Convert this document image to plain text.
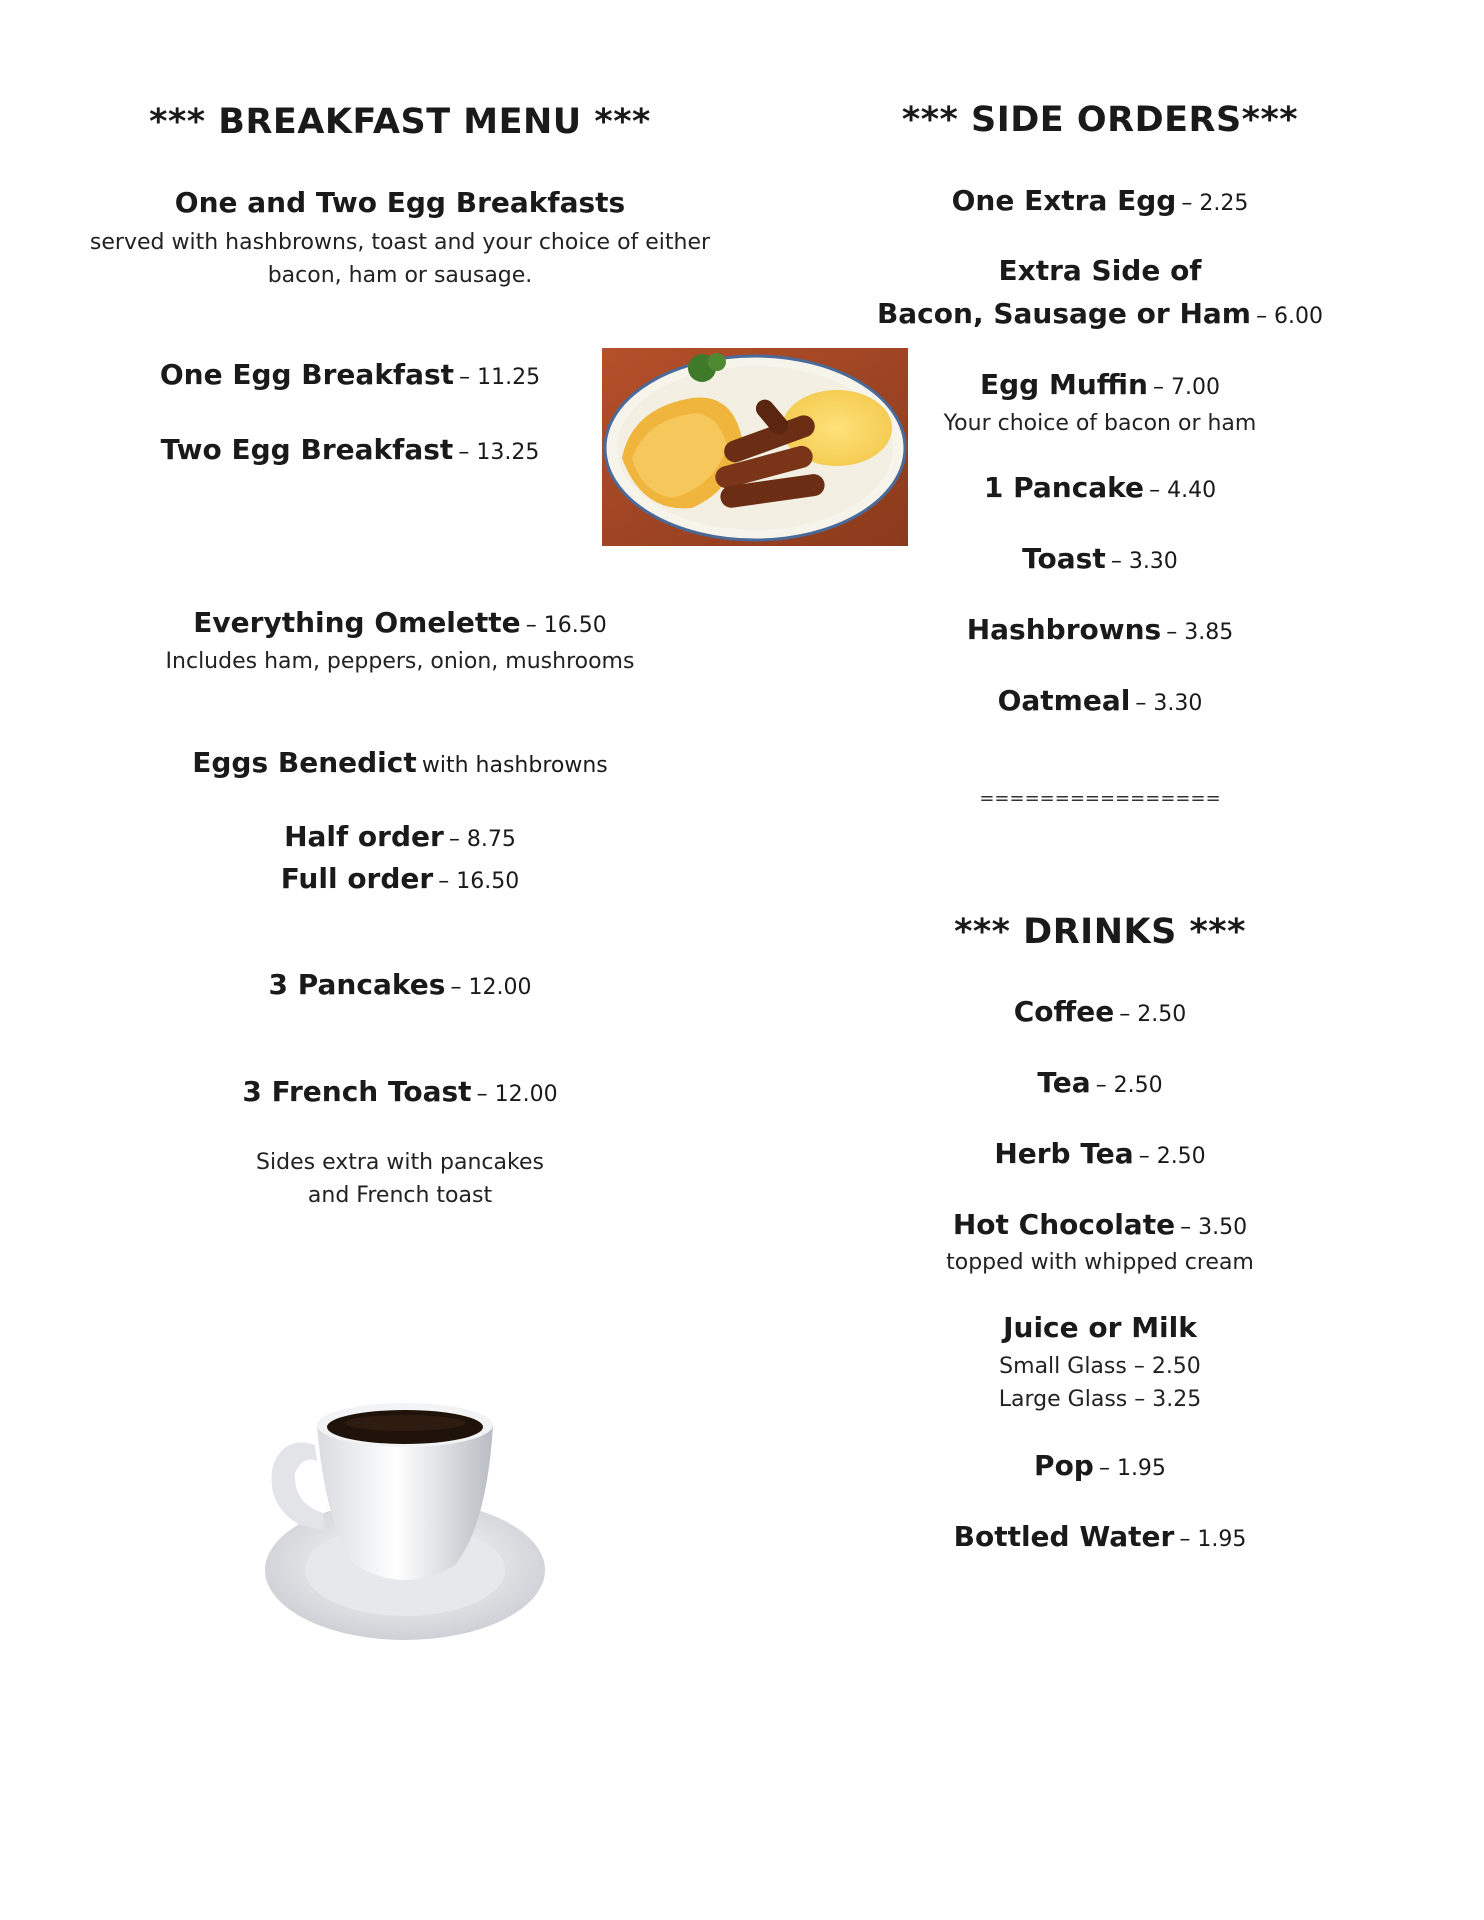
*** BREAKFAST MENU ***
One and Two Egg Breakfasts
served with hashbrowns, toast and your choice of either
bacon, ham or sausage.
One Egg Breakfast – 11.25
Two Egg Breakfast – 13.25
Everything Omelette – 16.50
Includes ham, peppers, onion, mushrooms
Eggs Benedict with hashbrowns
Half order – 8.75
Full order – 16.50
3 Pancakes – 12.00
3 French Toast – 12.00
Sides extra with pancakes
and French toast
*** SIDE ORDERS***
One Extra Egg – 2.25
Extra Side of
Bacon, Sausage or Ham – 6.00
Egg Muffin – 7.00
Your choice of bacon or ham
1 Pancake – 4.40
Toast – 3.30
Hashbrowns – 3.85
Oatmeal – 3.30
================
*** DRINKS ***
Coffee – 2.50
Tea – 2.50
Herb Tea – 2.50
Hot Chocolate – 3.50
topped with whipped cream
Juice or Milk
Small Glass – 2.50
Large Glass – 3.25
Pop – 1.95
Bottled Water – 1.95
